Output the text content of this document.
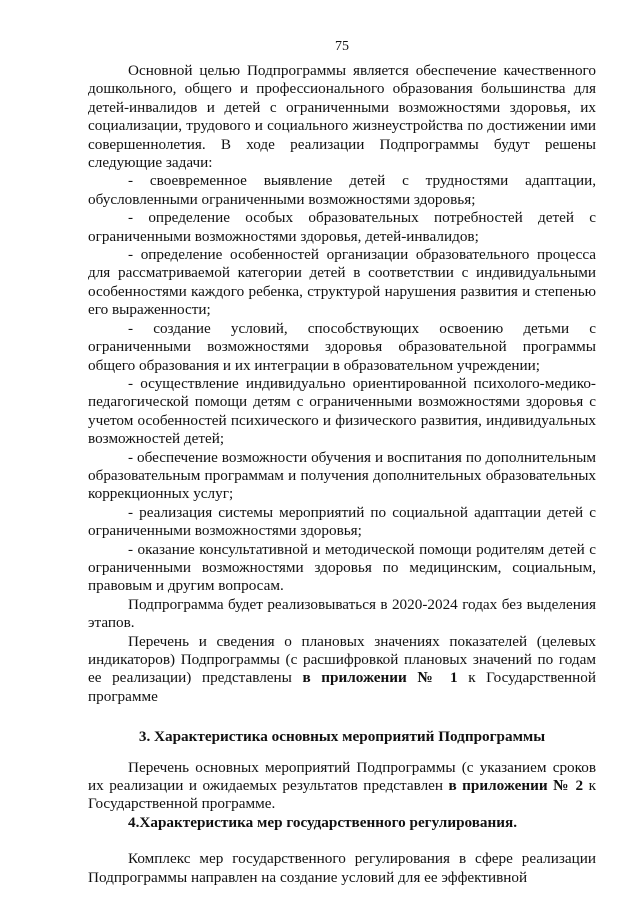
75

Основной целью Подпрограммы является обеспечение качественного дошкольного, общего и профессионального образования большинства для детей-инвалидов и детей с ограниченными возможностями здоровья, их социализации, трудового и социального жизнеустройства по достижении ими совершеннолетия. В ходе реализации Подпрограммы будут решены следующие задачи:

- своевременное выявление детей с трудностями адаптации, обусловленными ограниченными возможностями здоровья;

- определение особых образовательных потребностей детей с ограниченными возможностями здоровья, детей-инвалидов;

- определение особенностей организации образовательного процесса для рассматриваемой категории детей в соответствии с индивидуальными особенностями каждого ребенка, структурой нарушения развития и степенью его выраженности;

- создание условий, способствующих освоению детьми с ограниченными возможностями здоровья образовательной программы общего образования и их интеграции в образовательном учреждении;

- осуществление индивидуально ориентированной психолого-медико-педагогической помощи детям с ограниченными возможностями здоровья с учетом особенностей психического и физического развития, индивидуальных возможностей детей;

- обеспечение возможности обучения и воспитания по дополнительным образовательным программам и получения дополнительных образовательных коррекционных услуг;

- реализация системы мероприятий по социальной адаптации детей с ограниченными возможностями здоровья;

- оказание консультативной и методической помощи родителям детей с ограниченными возможностями здоровья по медицинским, социальным, правовым и другим вопросам.

Подпрограмма будет реализовываться в 2020-2024 годах без выделения этапов.

Перечень и сведения о плановых значениях показателей (целевых индикаторов) Подпрограммы (с расшифровкой плановых значений по годам ее реализации) представлены в приложении № 1 к Государственной программе

3. Характеристика основных мероприятий Подпрограммы

Перечень основных мероприятий Подпрограммы (с указанием сроков их реализации и ожидаемых результатов представлен в приложении № 2 к Государственной программе.

4.Характеристика мер государственного регулирования.

Комплекс мер государственного регулирования в сфере реализации Подпрограммы направлен на создание условий для ее эффективной
